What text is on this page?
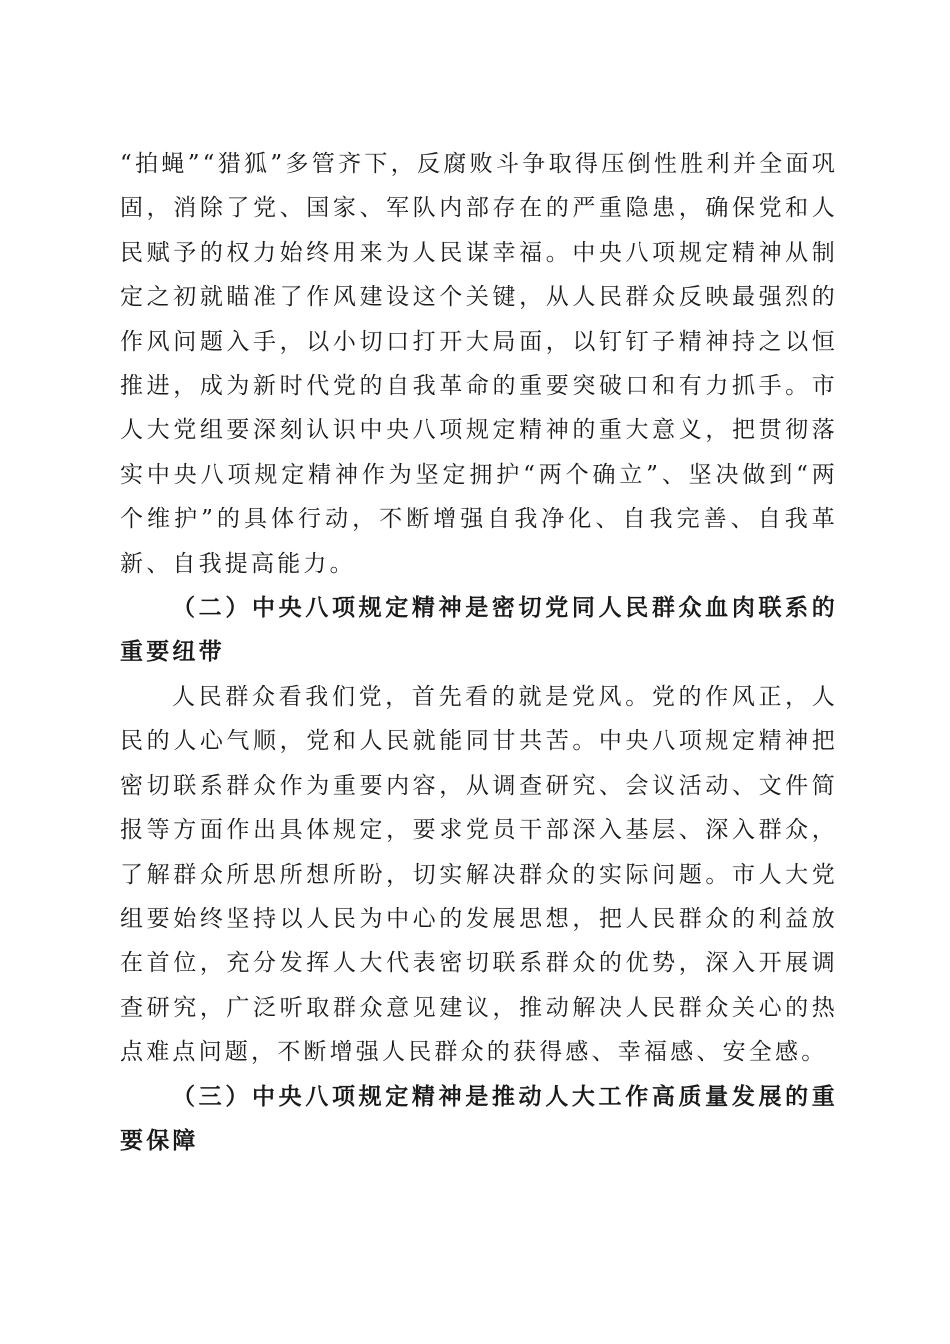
“拍蝇”“猎狐”多管齐下，反腐败斗争取得压倒性胜利并全面巩固，消除了党、国家、军队内部存在的严重隐患，确保党和人民赋予的权力始终用来为人民谋幸福。中央八项规定精神从制定之初就瞄准了作风建设这个关键，从人民群众反映最强烈的作风问题入手，以小切口打开大局面，以钉钉子精神持之以恒推进，成为新时代党的自我革命的重要突破口和有力抓手。市人大党组要深刻认识中央八项规定精神的重大意义，把贯彻落实中央八项规定精神作为坚定拥护“两个确立”、坚决做到“两个维护”的具体行动，不断增强自我净化、自我完善、自我革新、自我提高能力。

（二）中央八项规定精神是密切党同人民群众血肉联系的重要纽带

人民群众看我们党，首先看的就是党风。党的作风正，人民的人心气顺，党和人民就能同甘共苦。中央八项规定精神把密切联系群众作为重要内容，从调查研究、会议活动、文件简报等方面作出具体规定，要求党员干部深入基层、深入群众，了解群众所思所想所盼，切实解决群众的实际问题。市人大党组要始终坚持以人民为中心的发展思想，把人民群众的利益放在首位，充分发挥人大代表密切联系群众的优势，深入开展调查研究，广泛听取群众意见建议，推动解决人民群众关心的热点难点问题，不断增强人民群众的获得感、幸福感、安全感。

（三）中央八项规定精神是推动人大工作高质量发展的重要保障
